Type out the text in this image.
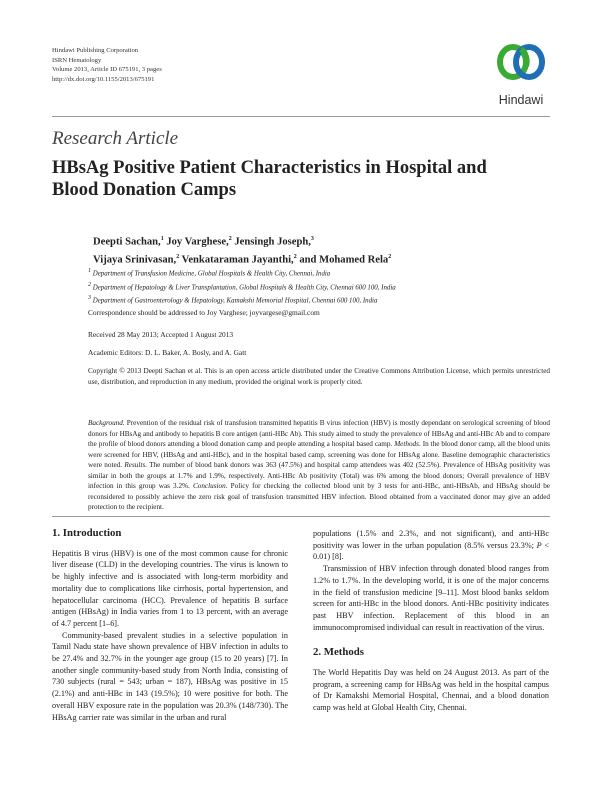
Hindawi Publishing Corporation
ISRN Hematology
Volume 2013, Article ID 675191, 3 pages
http://dx.doi.org/10.1155/2013/675191
Hindawi
Research Article
HBsAg Positive Patient Characteristics in Hospital and Blood Donation Camps
Deepti Sachan,$^1$ Joy Varghese,$^2$ Jensingh Joseph,$^3$
Vijaya Srinivasan,$^2$ Venkataraman Jayanthi,$^2$ and Mohamed Rela$^2$
$^1$ Department of Transfusion Medicine, Global Hospitals & Health City, Chennai, India
$^2$ Department of Hepatology & Liver Transplantation, Global Hospitals & Health City, Chennai 600 100, India
$^3$ Department of Gastroenterology & Hepatology, Kamakshi Memorial Hospital, Chennai 600 100, India
Correspondence should be addressed to Joy Varghese; joyvargese@gmail.com
Received 28 May 2013; Accepted 1 August 2013
Academic Editors: D. L. Baker, A. Bosly, and A. Gatt
Copyright © 2013 Deepti Sachan et al. This is an open access article distributed under the Creative Commons Attribution License, which permits unrestricted use, distribution, and reproduction in any medium, provided the original work is properly cited.
Background. Prevention of the residual risk of transfusion transmitted hepatitis B virus infection (HBV) is mostly dependant on serological screening of blood donors for HBsAg and antibody to hepatitis B core antigen (anti-HBc Ab). This study aimed to study the prevalence of HBsAg and anti-HBc Ab and to compare the profile of blood donors attending a blood donation camp and people attending a hospital based camp. Methods. In the blood donor camp, all the blood units were screened for HBV, (HBsAg and anti-HBc), and in the hospital based camp, screening was done for HBsAg alone. Baseline demographic characteristics were noted. Results. The number of blood bank donors was 363 (47.5%) and hospital camp attendees was 402 (52.5%). Prevalence of HBsAg positivity was similar in both the groups at 1.7% and 1.9%, respectively. Anti-HBc Ab positivity (Total) was 6% among the blood donors; Overall prevalence of HBV infection in this group was 3.2%. Conclusion. Policy for checking the collected blood unit by 3 tests for anti-HBc, anti-HBsAb, and HBsAg should be reconsidered to possibly achieve the zero risk goal of transfusion transmitted HBV infection. Blood obtained from a vaccinated donor may give an added protection to the recipient.
1. Introduction

Hepatitis B virus (HBV) is one of the most common cause for chronic liver disease (CLD) in the developing countries. The virus is known to be highly infective and is associated with long-term morbidity and mortality due to complications like cirrhosis, portal hypertension, and hepatocellular carcinoma (HCC). Prevalence of hepatitis B surface antigen (HBsAg) in India varies from 1 to 13 percent, with an average of 4.7 percent [1–6].

Community-based prevalent studies in a selective population in Tamil Nadu state have shown prevalence of HBV infection in adults to be 27.4% and 32.7% in the younger age group (15 to 20 years) [7]. In another single community-based study from North India, consisting of 730 subjects (rural = 543; urban = 187), HBsAg was positive in 15 (2.1%) and anti-HBc in 143 (19.5%); 10 were positive for both. The overall HBV exposure rate in the population was 20.3% (148/730). The HBsAg carrier rate was similar in the urban and rural

populations (1.5% and 2.3%, and not significant), and anti-HBc positivity was lower in the urban population (8.5% versus 23.3%; P < 0.01) [8].

Transmission of HBV infection through donated blood ranges from 1.2% to 1.7%. In the developing world, it is one of the major concerns in the field of transfusion medicine [9–11]. Most blood banks seldom screen for anti-HBc in the blood donors. Anti-HBc positivity indicates past HBV infection. Replacement of this blood in an immunocompromised individual can result in reactivation of the virus.

2. Methods

The World Hepatitis Day was held on 24 August 2013. As part of the program, a screening camp for HBsAg was held in the hospital campus of Dr Kamakshi Memorial Hospital, Chennai, and a blood donation camp was held at Global Health City, Chennai.
